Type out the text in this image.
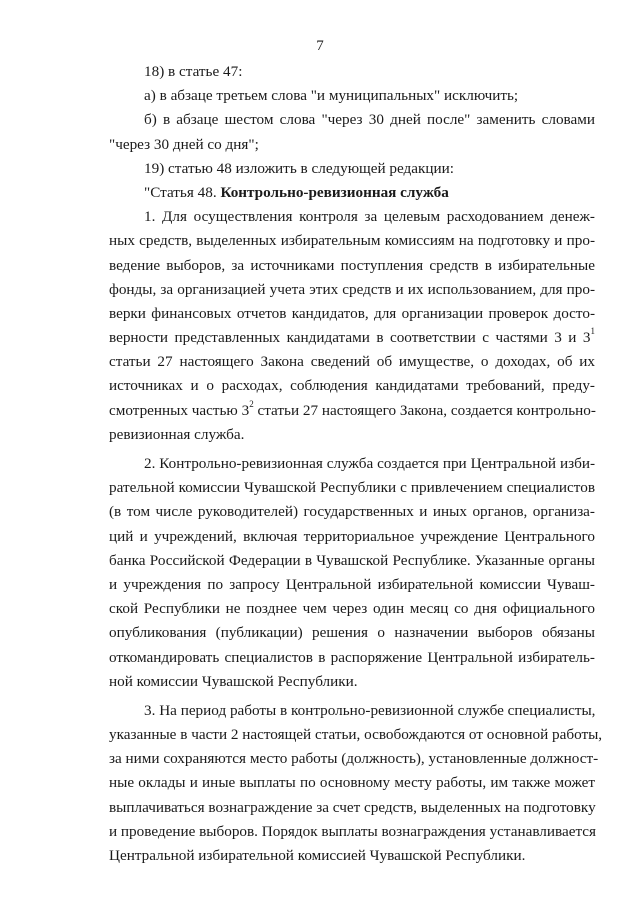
7
18) в статье 47:
а) в абзаце третьем слова "и муниципальных" исключить;
б) в абзаце шестом слова "через 30 дней после" заменить словами
"через 30 дней со дня";
19) статью 48 изложить в следующей редакции:
"Статья 48. Контрольно-ревизионная служба
1. Для осуществления контроля за целевым расходованием денеж-
ных средств, выделенных избирательным комиссиям на подготовку и про-
ведение выборов, за источниками поступления средств в избирательные
фонды, за организацией учета этих средств и их использованием, для про-
верки финансовых отчетов кандидатов, для организации проверок досто-
верности представленных кандидатами в соответствии с частями 3 и $3^1$
статьи 27 настоящего Закона сведений об имуществе, о доходах, об их
источниках и о расходах, соблюдения кандидатами требований, преду-
смотренных частью $3^2$ статьи 27 настоящего Закона, создается контрольно-
ревизионная служба.
2. Контрольно-ревизионная служба создается при Центральной изби-
рательной комиссии Чувашской Республики с привлечением специалистов
(в том числе руководителей) государственных и иных органов, организа-
ций и учреждений, включая территориальное учреждение Центрального
банка Российской Федерации в Чувашской Республике. Указанные органы
и учреждения по запросу Центральной избирательной комиссии Чуваш-
ской Республики не позднее чем через один месяц со дня официального
опубликования (публикации) решения о назначении выборов обязаны
откомандировать специалистов в распоряжение Центральной избиратель-
ной комиссии Чувашской Республики.
3. На период работы в контрольно-ревизионной службе специалисты,
указанные в части 2 настоящей статьи, освобождаются от основной работы,
за ними сохраняются место работы (должность), установленные должност-
ные оклады и иные выплаты по основному месту работы, им также может
выплачиваться вознаграждение за счет средств, выделенных на подготовку
и проведение выборов. Порядок выплаты вознаграждения устанавливается
Центральной избирательной комиссией Чувашской Республики.
